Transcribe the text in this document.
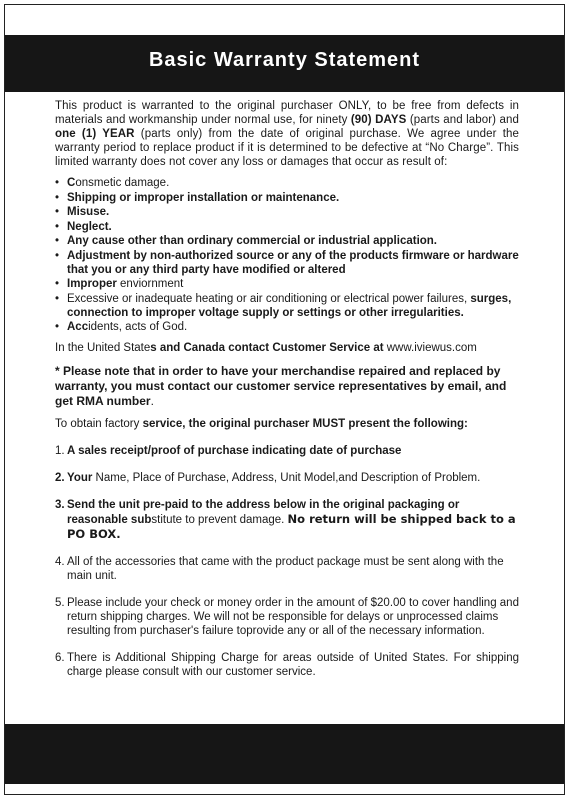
Basic Warranty Statement

This product is warranted to the original purchaser ONLY, to be free from defects in materials and workmanship under normal use, for ninety (90) DAYS (parts and labor) and one (1) YEAR (parts only) from the date of original purchase. We agree under the warranty period to replace product if it is determined to be defective at “No Charge”. This limited warranty does not cover any loss or damages that occur as result of:

• Consmetic damage.
• Shipping or improper installation or maintenance.
• Misuse.
• Neglect.
• Any cause other than ordinary commercial or industrial application.
• Adjustment by non-authorized source or any of the products firmware or hardware that you or any third party have modified or altered
• Improper enviornment
• Excessive or inadequate heating or air conditioning or electrical power failures, surges, connection to improper voltage supply or settings or other irregularities.
• Accidents, acts of God.
In the United States and Canada contact Customer Service at www.iviewus.com
* Please note that in order to have your merchandise repaired and replaced by warranty, you must contact our customer service representatives by email, and get RMA number.
To obtain factory service, the original purchaser MUST present the following:
1. A sales receipt/proof of purchase indicating date of purchase
2. Your Name, Place of Purchase, Address, Unit Model,and Description of Problem.
3. Send the unit pre-paid to the address below in the original packaging or reasonable substitute to prevent damage. No return will be shipped back to a PO BOX.
4. All of the accessories that came with the product package must be sent along with the main unit.
5. Please include your check or money order in the amount of $20.00 to cover handling and return shipping charges. We will not be responsible for delays or unprocessed claims resulting from purchaser's failure toprovide any or all of the necessary information.
6. There is Additional Shipping Charge for areas outside of United States. For shipping charge please consult with our customer service.
